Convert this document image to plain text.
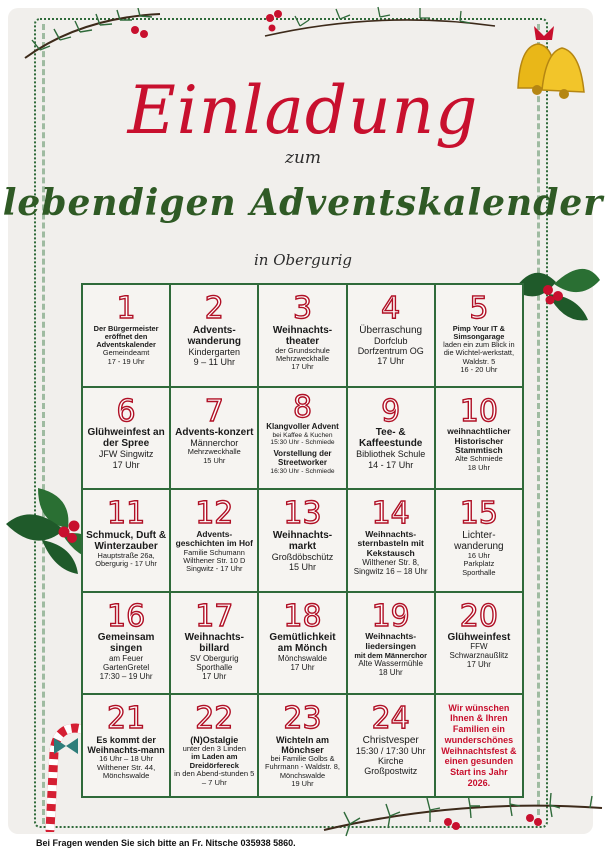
Einladung
zum
lebendigen Adventskalender
in Obergurig
1
Der Bürgermeister eröffnet den Adventskalender
Gemeindeamt
17 - 19 Uhr
2
Advents-wanderung
Kindergarten
9 – 11 Uhr
3
Weihnachts-theater
der Grundschule
Mehrzweckhalle
17 Uhr
4
Überraschung
Dorfclub
Dorfzentrum OG
17 Uhr
5
Pimp Your IT & Simsongarage
laden ein zum Blick in die Wichtel-werkstatt, Waldstr. 5
16 - 20 Uhr
6
Glühweinfest an der Spree
JFW Singwitz
17 Uhr
7
Advents-konzert
Männerchor
Mehrzweckhalle
15 Uhr
8
Klangvoller Advent
bei Kaffee & Kuchen
15:30 Uhr - Schmiede
Vorstellung der Streetworker
16:30 Uhr - Schmiede
9
Tee- & Kaffeestunde
Bibliothek Schule
14 - 17 Uhr
10
weihnachtlicher Historischer Stammtisch
Alte Schmiede
18 Uhr
11
Schmuck, Duft & Winterzauber
Hauptstraße 26a, Obergurig - 17 Uhr
12
Advents-geschichten im Hof
Familie Schumann
Wilthener Str. 10 D
Singwitz - 17 Uhr
13
Weihnachts-markt
Großdöbschütz
15 Uhr
14
Weihnachts-sternbasteln mit Kekstausch
Wilthener Str. 8,
Singwitz 16 – 18 Uhr
15
Lichter-wanderung
16 Uhr
Parkplatz
Sporthalle
16
Gemeinsam singen
am Feuer
GartenGretel
17:30 – 19 Uhr
17
Weihnachts-billard
SV Obergurig
Sporthalle
17 Uhr
18
Gemütlichkeit am Mönch
Mönchswalde
17 Uhr
19
Weihnachts-liedersingen
mit dem Männerchor
Alte Wassermühle
18 Uhr
20
Glühweinfest
FFW
Schwarznaußlitz
17 Uhr
21
Es kommt der Weihnachts-mann
16 Uhr – 18 Uhr
Wilthener Str. 44, Mönchswalde
22
(N)Ostalgie
unter den 3 Linden
im Laden am Dreidörfereck
in den Abend-stunden 5 – 7 Uhr
23
Wichteln am Mönchser
bei Familie Golbs & Fuhrmann - Waldstr. 8, Mönchswalde
19 Uhr
24
Christvesper
15:30 / 17:30 Uhr
Kirche
Großpostwitz
Wir wünschen Ihnen & Ihren Familien ein wunderschönes Weihnachtsfest & einen gesunden Start ins Jahr 2026.
Bei Fragen wenden Sie sich bitte an Fr. Nitsche 035938 5860.
